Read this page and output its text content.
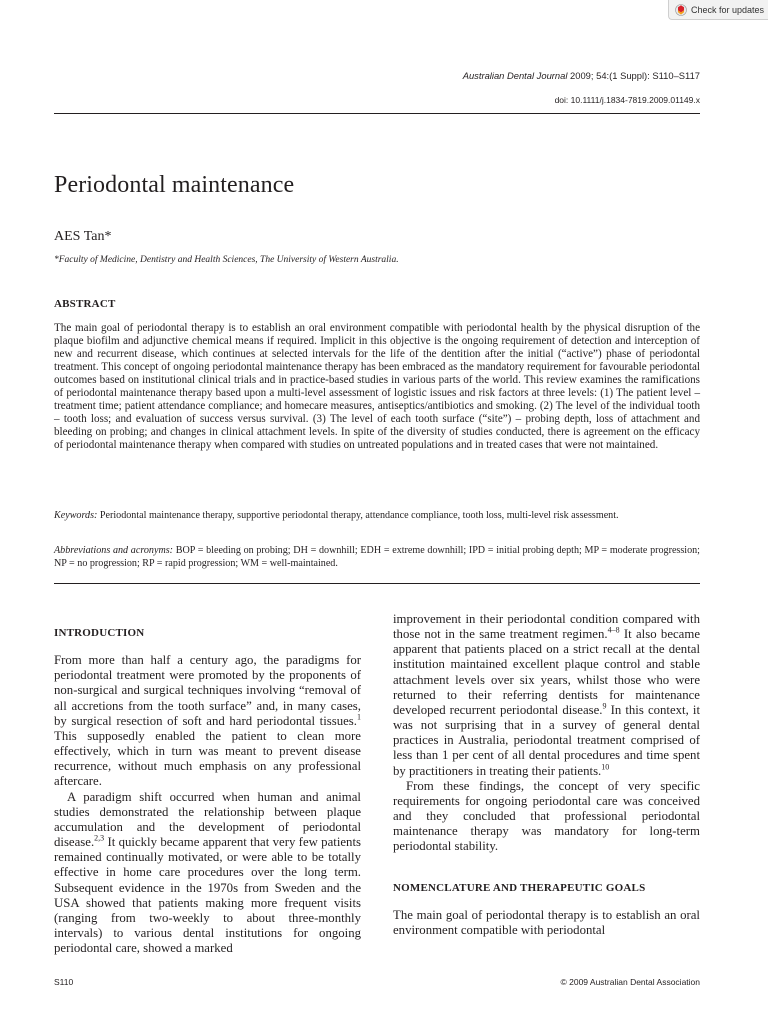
Check for updates
Australian Dental Journal 2009; 54:(1 Suppl): S110–S117
doi: 10.1111/j.1834-7819.2009.01149.x
Periodontal maintenance
AES Tan*
*Faculty of Medicine, Dentistry and Health Sciences, The University of Western Australia.
ABSTRACT

The main goal of periodontal therapy is to establish an oral environment compatible with periodontal health by the physical disruption of the plaque biofilm and adjunctive chemical means if required. Implicit in this objective is the ongoing requirement of detection and interception of new and recurrent disease, which continues at selected intervals for the life of the dentition after the initial (“active”) phase of periodontal treatment. This concept of ongoing periodontal maintenance therapy has been embraced as the mandatory requirement for favourable periodontal outcomes based on institutional clinical trials and in practice-based studies in various parts of the world. This review examines the ramifications of periodontal maintenance therapy based upon a multi-level assessment of logistic issues and risk factors at three levels: (1) The patient level – treatment time; patient attendance compliance; and homecare measures, antiseptics/antibiotics and smoking. (2) The level of the individual tooth – tooth loss; and evaluation of success versus survival. (3) The level of each tooth surface (“site”) – probing depth, loss of attachment and bleeding on probing; and changes in clinical attachment levels. In spite of the diversity of studies conducted, there is agreement on the efficacy of periodontal maintenance therapy when compared with studies on untreated populations and in treated cases that were not maintained.

Keywords: Periodontal maintenance therapy, supportive periodontal therapy, attendance compliance, tooth loss, multi-level risk assessment.

Abbreviations and acronyms: BOP = bleeding on probing; DH = downhill; EDH = extreme downhill; IPD = initial probing depth; MP = moderate progression; NP = no progression; RP = rapid progression; WM = well-maintained.

INTRODUCTION

From more than half a century ago, the paradigms for periodontal treatment were promoted by the proponents of non-surgical and surgical techniques involving “removal of all accretions from the tooth surface” and, in many cases, by surgical resection of soft and hard periodontal tissues.$^1$ This supposedly enabled the patient to clean more effectively, which in turn was meant to prevent disease recurrence, without much emphasis on any professional aftercare.

A paradigm shift occurred when human and animal studies demonstrated the relationship between plaque accumulation and the development of periodontal disease.$^{2,3}$ It quickly became apparent that very few patients remained continually motivated, or were able to be totally effective in home care procedures over the long term. Subsequent evidence in the 1970s from Sweden and the USA showed that patients making more frequent visits (ranging from two-weekly to about three-monthly intervals) to various dental institutions for ongoing periodontal care, showed a marked

improvement in their periodontal condition compared with those not in the same treatment regimen.$^{4-8}$ It also became apparent that patients placed on a strict recall at the dental institution maintained excellent plaque control and stable attachment levels over six years, whilst those who were returned to their referring dentists for maintenance developed recurrent periodontal disease.$^9$ In this context, it was not surprising that in a survey of general dental practices in Australia, periodontal treatment comprised of less than 1 per cent of all dental procedures and time spent by practitioners in treating their patients.$^{10}$

From these findings, the concept of very specific requirements for ongoing periodontal care was conceived and they concluded that professional periodontal maintenance therapy was mandatory for long-term periodontal stability.

NOMENCLATURE AND THERAPEUTIC GOALS

The main goal of periodontal therapy is to establish an oral environment compatible with periodontal

S110	© 2009 Australian Dental Association
